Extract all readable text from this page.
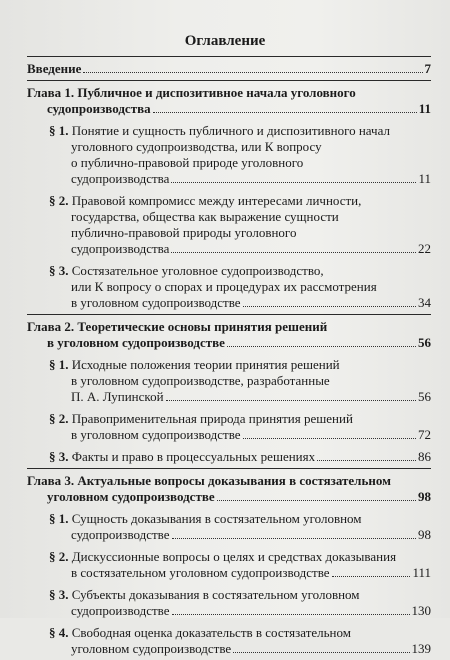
Оглавление
Введение	7
Глава 1. Публичное и диспозитивное начала уголовного
судопроизводства	11
§ 1. Понятие и сущность публичного и диспозитивного начал
уголовного судопроизводства, или К вопросу
о публично-правовой природе уголовного
судопроизводства	11
§ 2. Правовой компромисс между интересами личности,
государства, общества как выражение сущности
публично-правовой природы уголовного
судопроизводства	22
§ 3. Состязательное уголовное судопроизводство,
или К вопросу о спорах и процедурах их рассмотрения
в уголовном судопроизводстве	34
Глава 2. Теоретические основы принятия решений
в уголовном судопроизводстве	56
§ 1. Исходные положения теории принятия решений
в уголовном судопроизводстве, разработанные
П. А. Лупинской	56
§ 2. Правоприменительная природа принятия решений
в уголовном судопроизводстве	72
§ 3. Факты и право в процессуальных решениях	86
Глава 3. Актуальные вопросы доказывания в состязательном
уголовном судопроизводстве	98
§ 1. Сущность доказывания в состязательном уголовном
судопроизводстве	98
§ 2. Дискуссионные вопросы о целях и средствах доказывания
в состязательном уголовном судопроизводстве	111
§ 3. Субъекты доказывания в состязательном уголовном
судопроизводстве	130
§ 4. Свободная оценка доказательств в состязательном
уголовном судопроизводстве	139
